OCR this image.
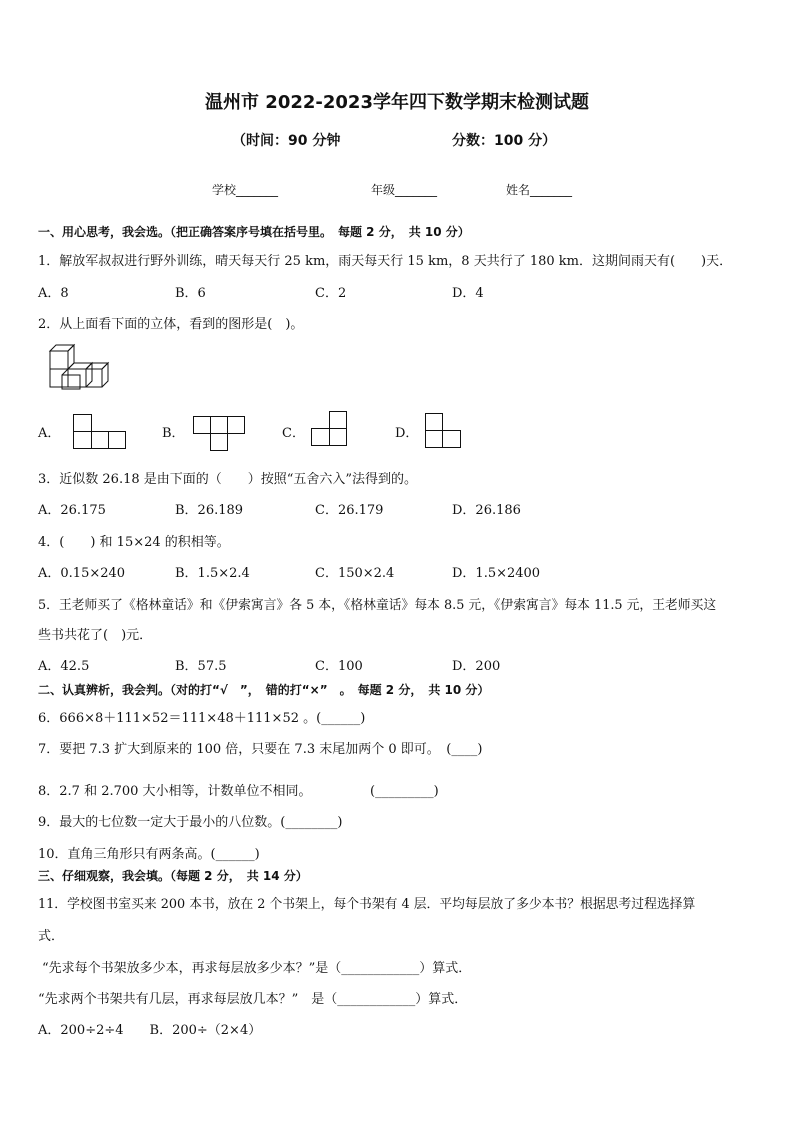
温州市 2022-2023学年四下数学期末检测试题
（时间：90 分钟	分数：100 分）
学校_______	年级_______	姓名_______
一、用心思考，我会选。（把正确答案序号填在括号里。　每题 2 分，　共 10 分）
1．解放军叔叔进行野外训练，晴天每天行 25 km，雨天每天行 15 km，8 天共行了 180 km．这期间雨天有(　　)天．
A．8	B．6	C．2	D．4
2．从上面看下面的立体，看到的图形是(　)。
A．	B．	C．	D．
3．近似数 26.18 是由下面的（　　）按照“五舍六入”法得到的。
A．26.175	B．26.189	C．26.179	D．26.186
4．(　　) 和 15×24 的积相等。
A．0.15×240	B．1.5×2.4	C．150×2.4	D．1.5×2400
5．王老师买了《格林童话》和《伊索寓言》各 5 本，《格林童话》每本 8.5 元，《伊索寓言》每本 11.5 元，王老师买这
些书共花了(　)元．
A．42.5	B．57.5	C．100	D．200
二、认真辨析，我会判。（对的打“√　”，　错的打“×”　。　每题 2 分，　共 10 分）
6．666×8＋111×52＝111×48＋111×52 。(______)
7．要把 7.3 扩大到原来的 100 倍，只要在 7.3 末尾加两个 0 即可。　(____)
8．2.7 和 2.700 大小相等，计数单位不相同。　　　　　(_________)
9．最大的七位数一定大于最小的八位数。(________)
10．直角三角形只有两条高。(______)
三、仔细观察，我会填。（每题 2 分，　共 14 分）
11．学校图书室买来 200 本书，放在 2 个书架上，每个书架有 4 层．平均每层放了多少本书？根据思考过程选择算
式．
“先求每个书架放多少本，再求每层放多少本？”是（____________）算式．
“先求两个书架共有几层，再求每层放几本？”　是（____________）算式．
A．200÷2÷4　　B．200÷（2×4）
